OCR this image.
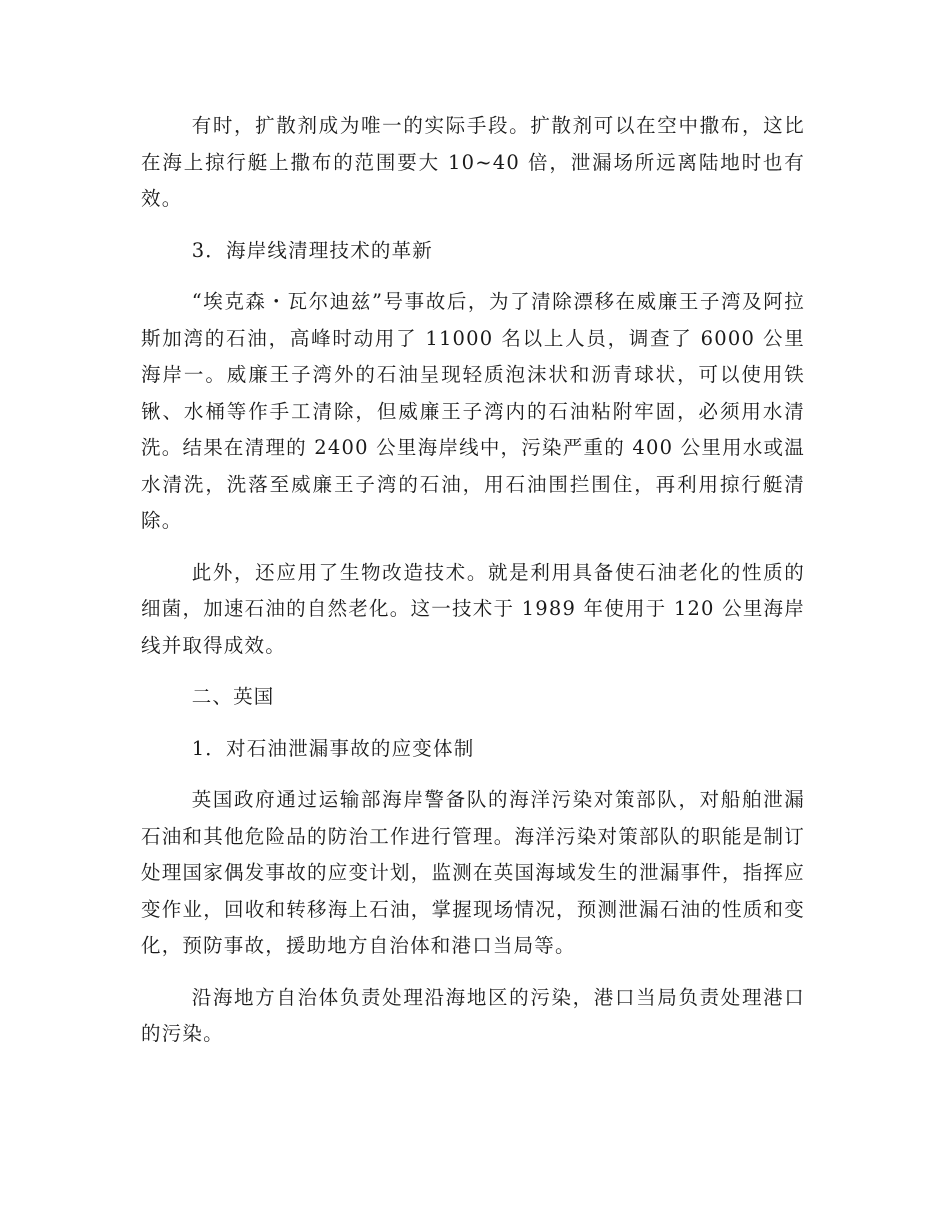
有时，扩散剂成为唯一的实际手段。扩散剂可以在空中撒布，这比在海上掠行艇上撒布的范围要大 10~40 倍，泄漏场所远离陆地时也有效。

3．海岸线清理技术的革新

“埃克森・瓦尔迪兹”号事故后，为了清除漂移在威廉王子湾及阿拉斯加湾的石油，高峰时动用了 11000 名以上人员，调查了 6000 公里海岸一。威廉王子湾外的石油呈现轻质泡沫状和沥青球状，可以使用铁锹、水桶等作手工清除，但威廉王子湾内的石油粘附牢固，必须用水清洗。结果在清理的 2400 公里海岸线中，污染严重的 400 公里用水或温水清洗，洗落至威廉王子湾的石油，用石油围拦围住，再利用掠行艇清除。

此外，还应用了生物改造技术。就是利用具备使石油老化的性质的细菌，加速石油的自然老化。这一技术于 1989 年使用于 120 公里海岸线并取得成效。

二、英国

1．对石油泄漏事故的应变体制

英国政府通过运输部海岸警备队的海洋污染对策部队，对船舶泄漏石油和其他危险品的防治工作进行管理。海洋污染对策部队的职能是制订处理国家偶发事故的应变计划，监测在英国海域发生的泄漏事件，指挥应变作业，回收和转移海上石油，掌握现场情况，预测泄漏石油的性质和变化，预防事故，援助地方自治体和港口当局等。

沿海地方自治体负责处理沿海地区的污染，港口当局负责处理港口的污染。
